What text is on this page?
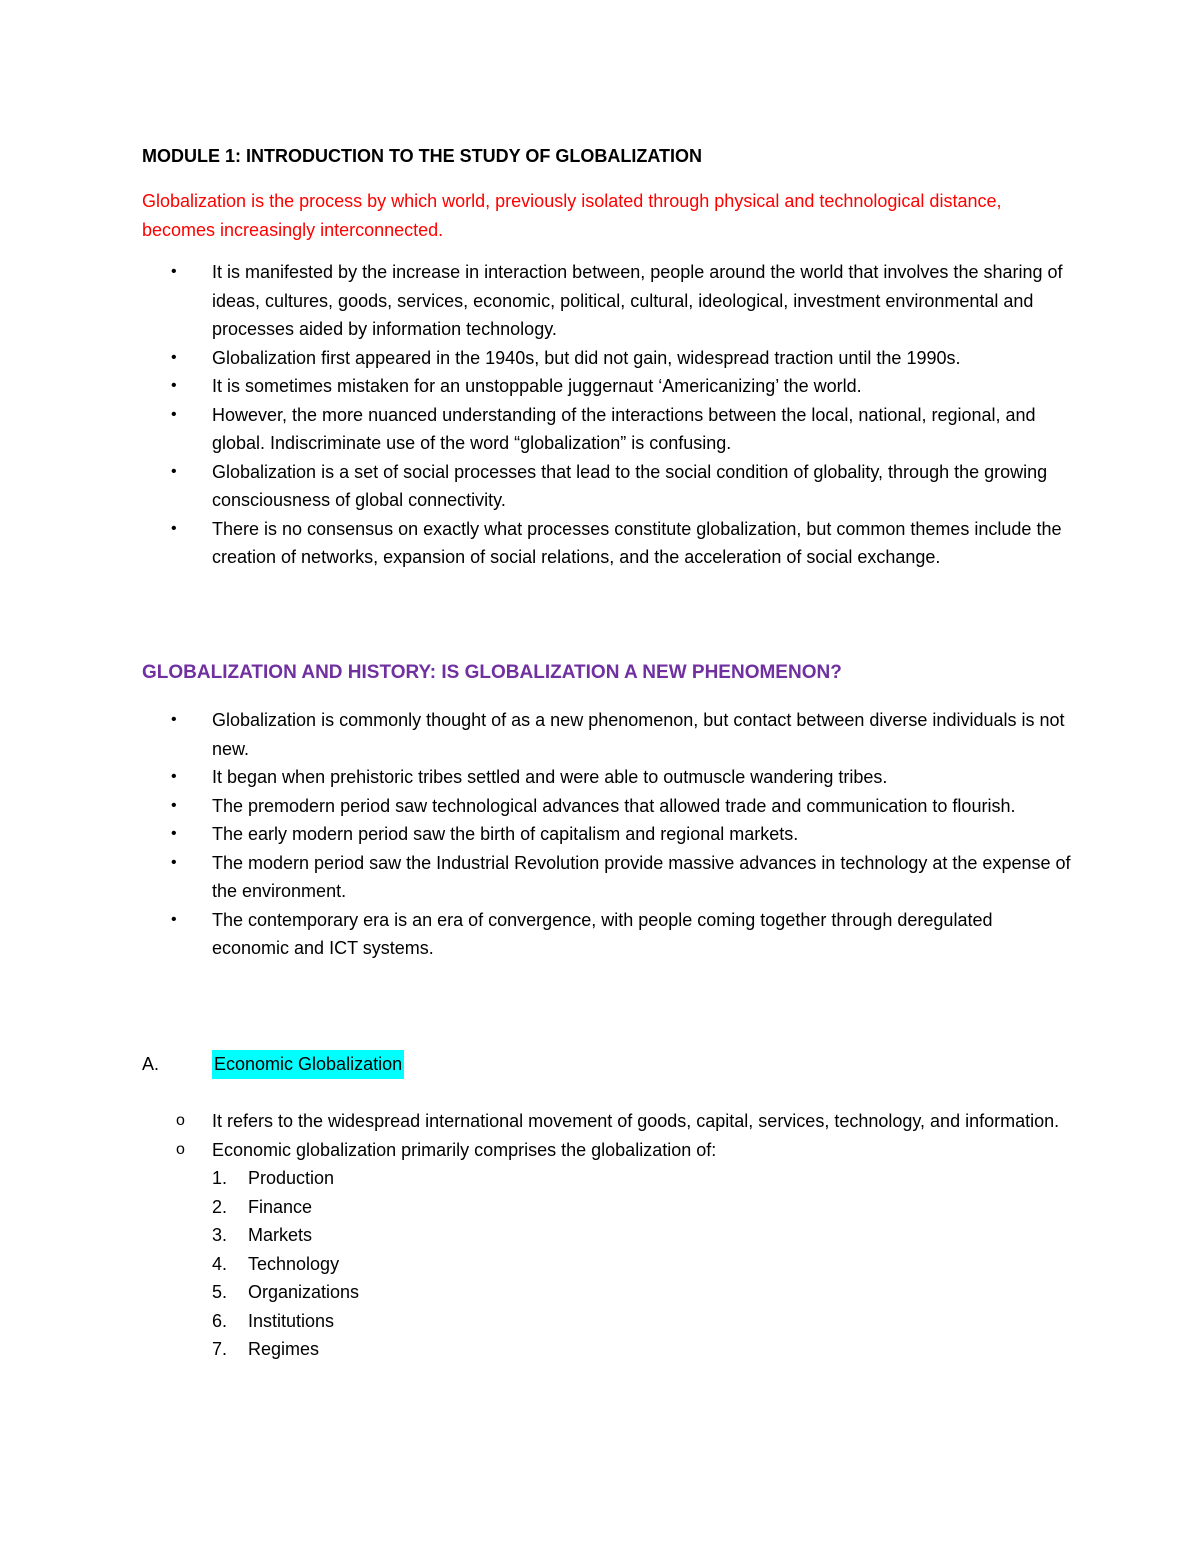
MODULE 1: INTRODUCTION TO THE STUDY OF GLOBALIZATION
Globalization is the process by which world, previously isolated through physical and technological distance, becomes increasingly interconnected.
• It is manifested by the increase in interaction between, people around the world that involves the sharing of ideas, cultures, goods, services, economic, political, cultural, ideological, investment environmental and processes aided by information technology.
• Globalization first appeared in the 1940s, but did not gain, widespread traction until the 1990s.
• It is sometimes mistaken for an unstoppable juggernaut ‘Americanizing’ the world.
• However, the more nuanced understanding of the interactions between the local, national, regional, and global. Indiscriminate use of the word “globalization” is confusing.
• Globalization is a set of social processes that lead to the social condition of globality, through the growing consciousness of global connectivity.
• There is no consensus on exactly what processes constitute globalization, but common themes include the creation of networks, expansion of social relations, and the acceleration of social exchange.
GLOBALIZATION AND HISTORY: IS GLOBALIZATION A NEW PHENOMENON?
• Globalization is commonly thought of as a new phenomenon, but contact between diverse individuals is not new.
• It began when prehistoric tribes settled and were able to outmuscle wandering tribes.
• The premodern period saw technological advances that allowed trade and communication to flourish.
• The early modern period saw the birth of capitalism and regional markets.
• The modern period saw the Industrial Revolution provide massive advances in technology at the expense of the environment.
• The contemporary era is an era of convergence, with people coming together through deregulated economic and ICT systems.
A.	Economic Globalization
o It refers to the widespread international movement of goods, capital, services, technology, and information.
o Economic globalization primarily comprises the globalization of:
1. Production
2. Finance
3. Markets
4. Technology
5. Organizations
6. Institutions
7. Regimes
